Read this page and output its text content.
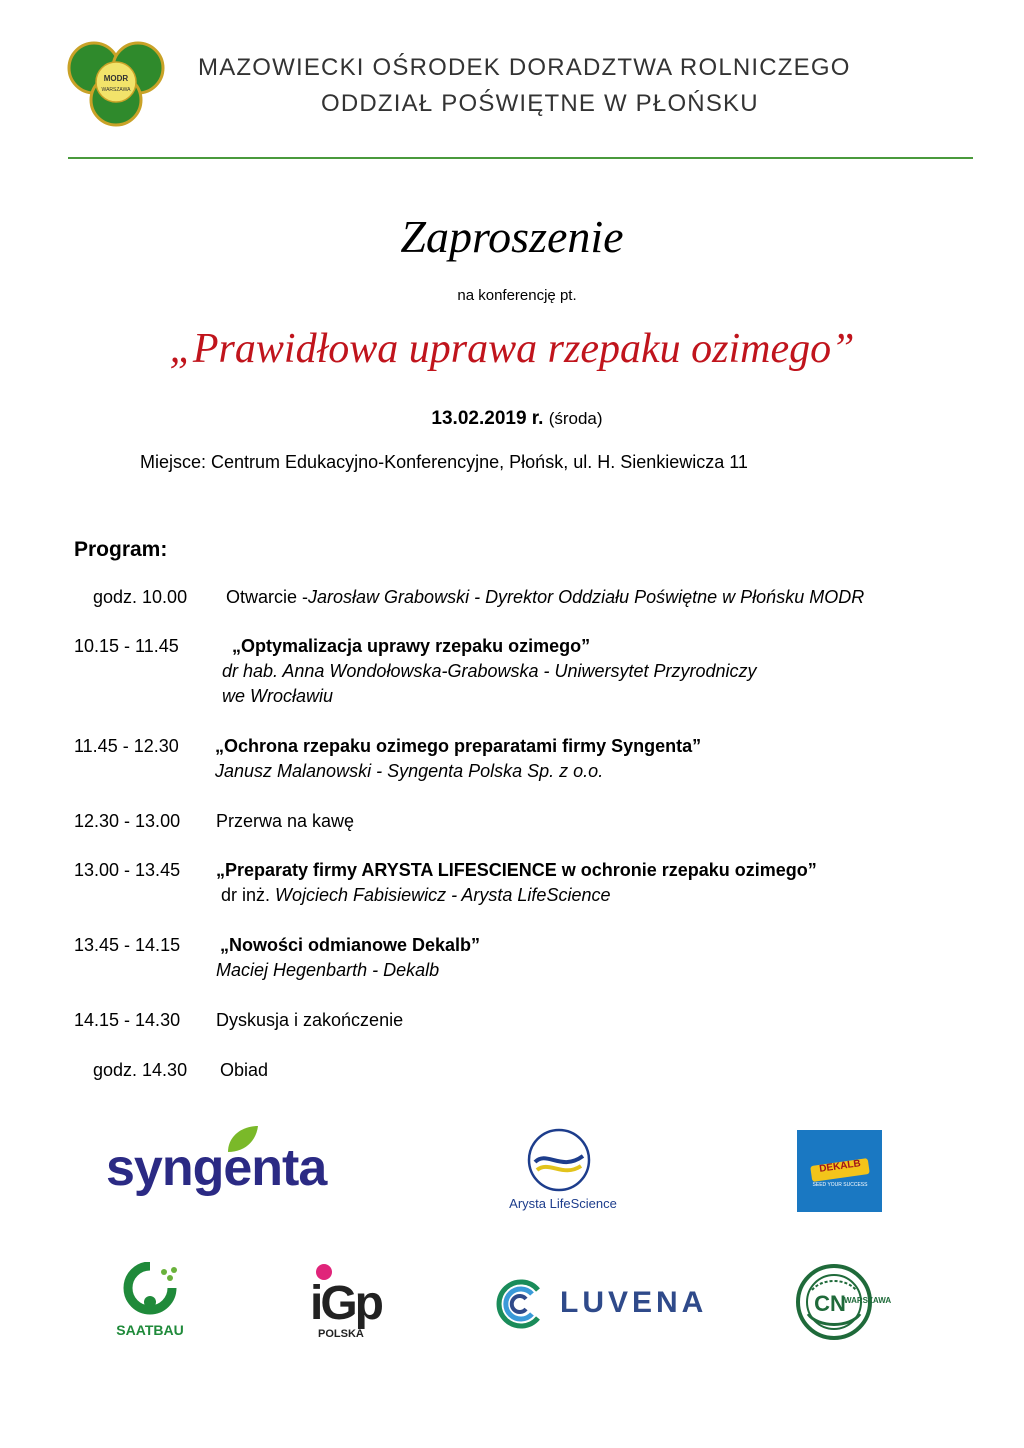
MODR
WARSZAWA
MAZOWIECKI OŚRODEK DORADZTWA ROLNICZEGO
ODDZIAŁ POŚWIĘTNE W PŁOŃSKU
Zaproszenie
na konferencję pt.
„Prawidłowa uprawa rzepaku ozimego”
13.02.2019 r. (środa)
Miejsce: Centrum Edukacyjno-Konferencyjne, Płońsk, ul. H. Sienkiewicza 11
Program:
godz. 10.00 Otwarcie -Jarosław Grabowski - Dyrektor Oddziału Poświętne w Płońsku MODR
10.15 - 11.45	„Optymalizacja uprawy rzepaku ozimego”
dr hab. Anna Wondołowska-Grabowska - Uniwersytet Przyrodniczy
we Wrocławiu
11.45 - 12.30 „Ochrona rzepaku ozimego preparatami firmy Syngenta”
Janusz Malanowski - Syngenta Polska Sp. z o.o.
12.30 - 13.00 Przerwa na kawę
13.00 - 13.45 „Preparaty firmy ARYSTA LIFESCIENCE w ochronie rzepaku ozimego”
dr inż. Wojciech Fabisiewicz - Arysta LifeScience
13.45 - 14.15 „Nowości odmianowe Dekalb”
Maciej Hegenbarth - Dekalb
14.15 - 14.30 Dyskusja i zakończenie
godz. 14.30 Obiad
syngenta
Arysta LifeScience
DEKALB
SEED YOUR SUCCESS
SAATBAU	iGp
POLSKA
LUVENA	CN
WARSZAWA
